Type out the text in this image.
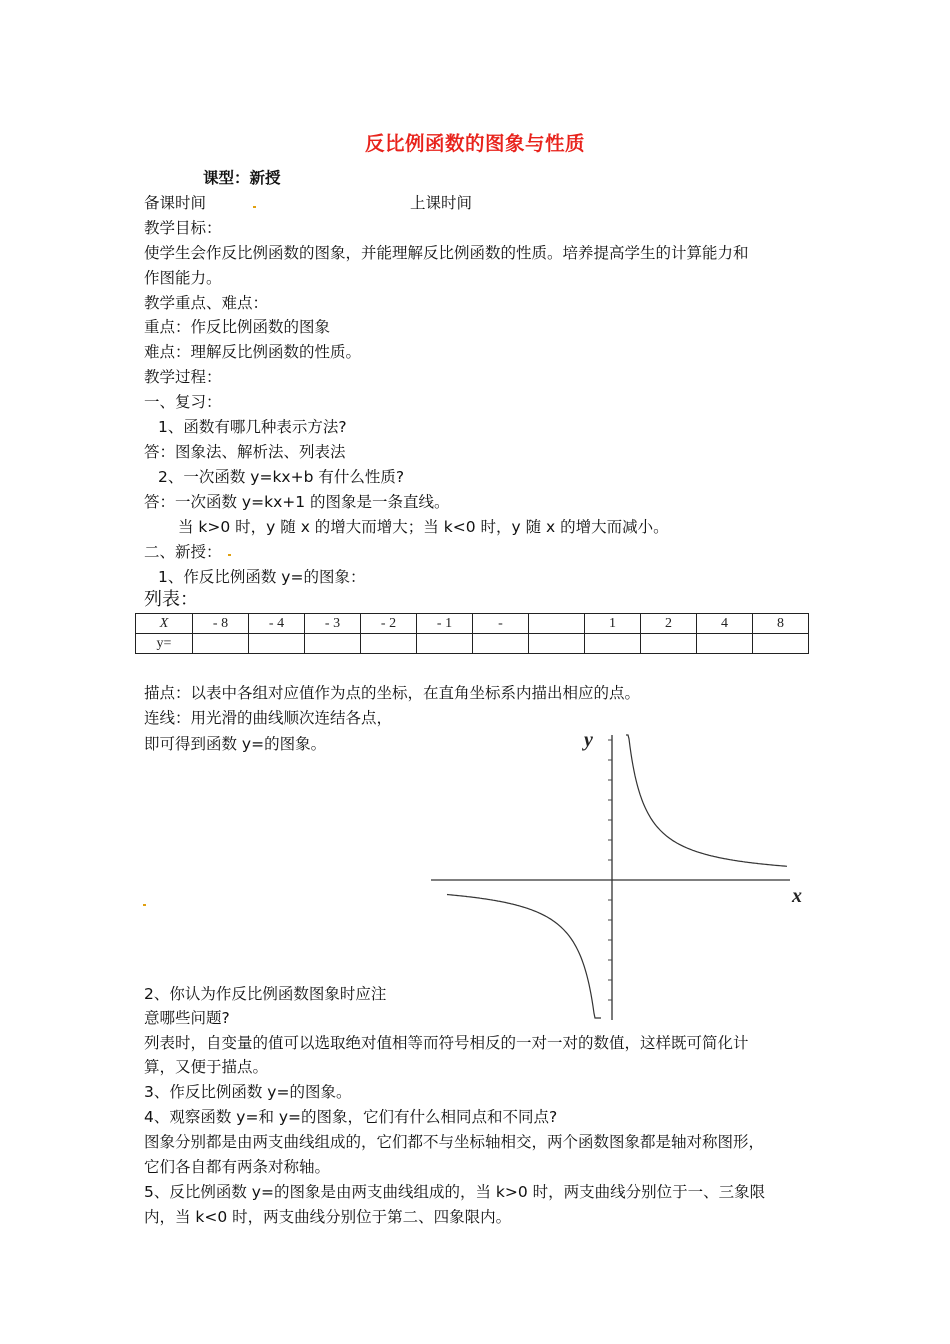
反比例函数的图象与性质
课型：新授
备课时间	上课时间
教学目标：
使学生会作反比例函数的图象，并能理解反比例函数的性质。培养提高学生的计算能力和
作图能力。
教学重点、难点：
重点：作反比例函数的图象
难点：理解反比例函数的性质。
教学过程：
一、复习：
1、函数有哪几种表示方法?
答：图象法、解析法、列表法
2、一次函数 y=kx+b 有什么性质?
答：一次函数 y=kx+1 的图象是一条直线。
当 k>0 时，y 随 x 的增大而增大；当 k<0 时，y 随 x 的增大而减小。
二、新授：
1、作反比例函数 y=的图象：
列表：
X	- 8	- 4	- 3	- 2	- 1	-		1	2	4	8
y=											
描点：以表中各组对应值作为点的坐标，在直角坐标系内描出相应的点。
连线：用光滑的曲线顺次连结各点，
即可得到函数 y=的图象。	y
x
2、你认为作反比例函数图象时应注
意哪些问题?
列表时，自变量的值可以选取绝对值相等而符号相反的一对一对的数值，这样既可简化计
算，又便于描点。
3、作反比例函数 y=的图象。
4、观察函数 y=和 y=的图象，它们有什么相同点和不同点?
图象分别都是由两支曲线组成的，它们都不与坐标轴相交，两个函数图象都是轴对称图形，
它们各自都有两条对称轴。
5、反比例函数 y=的图象是由两支曲线组成的，当 k>0 时，两支曲线分别位于一、三象限
内，当 k<0 时，两支曲线分别位于第二、四象限内。
